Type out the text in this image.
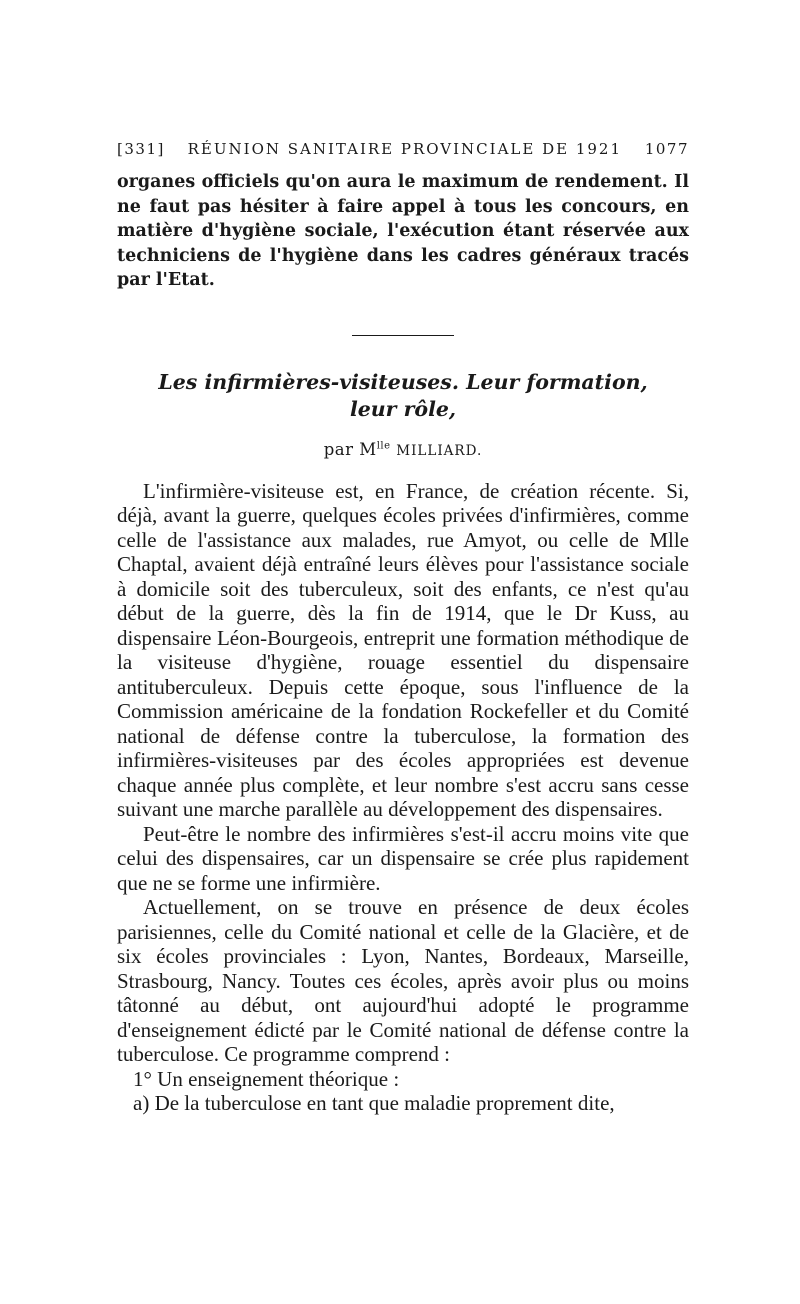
[331] RÉUNION SANITAIRE PROVINCIALE DE 1921 1077

organes officiels qu'on aura le maximum de rendement. Il ne faut pas hésiter à faire appel à tous les concours, en matière d'hygiène sociale, l'exécution étant réservée aux techniciens de l'hygiène dans les cadres généraux tracés par l'Etat.

Les infirmières-visiteuses. Leur formation,
leur rôle,
par $M^{lle}$ MILLIARD.

L'infirmière-visiteuse est, en France, de création récente. Si, déjà, avant la guerre, quelques écoles privées d'infirmières, comme celle de l'assistance aux malades, rue Amyot, ou celle de Mlle Chaptal, avaient déjà entraîné leurs élèves pour l'assistance sociale à domicile soit des tuberculeux, soit des enfants, ce n'est qu'au début de la guerre, dès la fin de 1914, que le Dr Kuss, au dispensaire Léon-Bourgeois, entreprit une formation méthodique de la visiteuse d'hygiène, rouage essentiel du dispensaire antituberculeux. Depuis cette époque, sous l'influence de la Commission américaine de la fondation Rockefeller et du Comité national de défense contre la tuberculose, la formation des infirmières-visiteuses par des écoles appropriées est devenue chaque année plus complète, et leur nombre s'est accru sans cesse suivant une marche parallèle au développement des dispensaires.

Peut-être le nombre des infirmières s'est-il accru moins vite que celui des dispensaires, car un dispensaire se crée plus rapidement que ne se forme une infirmière.

Actuellement, on se trouve en présence de deux écoles parisiennes, celle du Comité national et celle de la Glacière, et de six écoles provinciales : Lyon, Nantes, Bordeaux, Marseille, Strasbourg, Nancy. Toutes ces écoles, après avoir plus ou moins tâtonné au début, ont aujourd'hui adopté le programme d'enseignement édicté par le Comité national de défense contre la tuberculose. Ce programme comprend :

1° Un enseignement théorique :

a) De la tuberculose en tant que maladie proprement dite,
